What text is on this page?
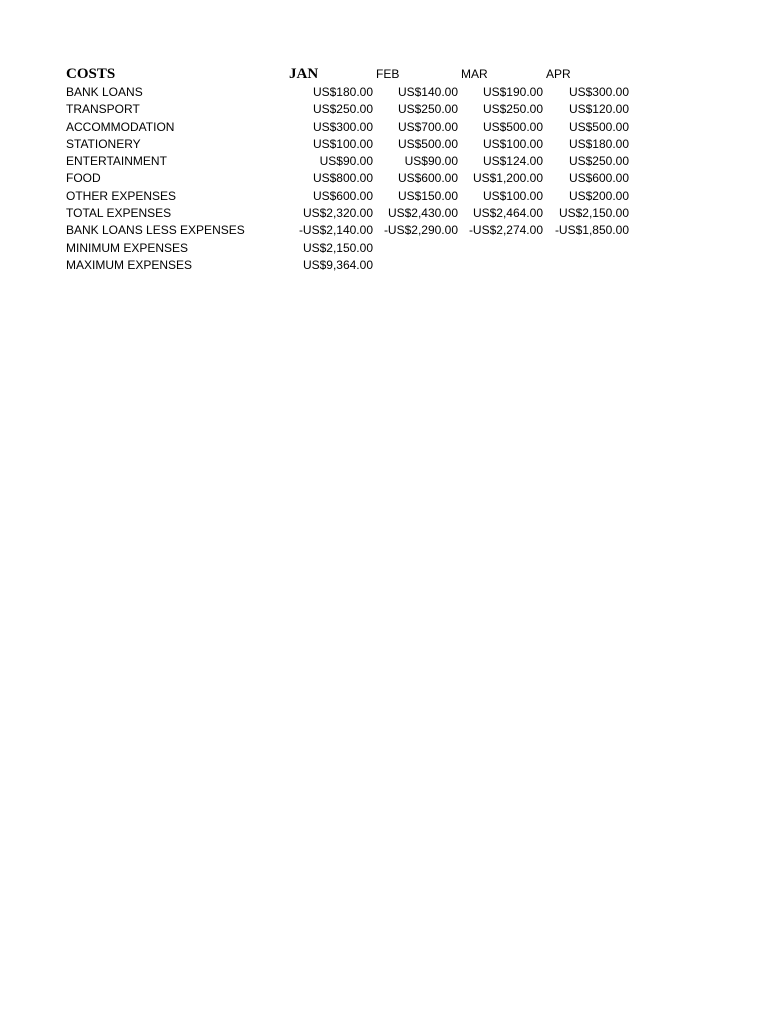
COSTS	JAN	FEB	MAR	APR
BANK LOANS	US$180.00	US$140.00	US$190.00	US$300.00
TRANSPORT	US$250.00	US$250.00	US$250.00	US$120.00
ACCOMMODATION	US$300.00	US$700.00	US$500.00	US$500.00
STATIONERY	US$100.00	US$500.00	US$100.00	US$180.00
ENTERTAINMENT	US$90.00	US$90.00	US$124.00	US$250.00
FOOD	US$800.00	US$600.00	US$1,200.00	US$600.00
OTHER EXPENSES	US$600.00	US$150.00	US$100.00	US$200.00
TOTAL EXPENSES	US$2,320.00	US$2,430.00	US$2,464.00	US$2,150.00
BANK LOANS LESS EXPENSES	-US$2,140.00 -US$2,290.00 -US$2,274.00 -US$1,850.00
MINIMUM EXPENSES	US$2,150.00
MAXIMUM EXPENSES	US$9,364.00
